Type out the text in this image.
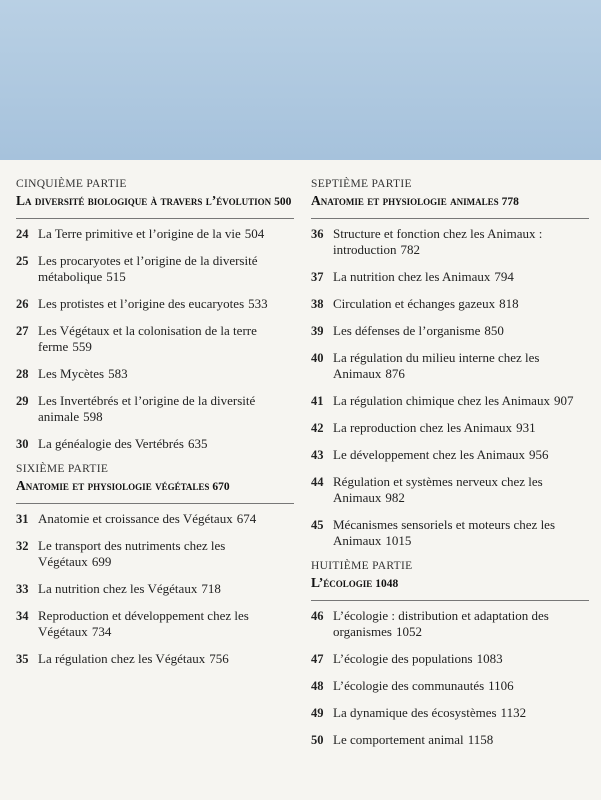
CINQUIÈME PARTIE
La diversité biologique à travers l’évolution 500
24 La Terre primitive et l’origine de la vie 504
25 Les procaryotes et l’origine de la diversité métabolique 515
26 Les protistes et l’origine des eucaryotes 533
27 Les Végétaux et la colonisation de la terre ferme 559
28 Les Mycètes 583
29 Les Invertébrés et l’origine de la diversité animale 598
30 La généalogie des Vertébrés 635
SIXIÈME PARTIE
Anatomie et physiologie végétales 670
31 Anatomie et croissance des Végétaux 674
32 Le transport des nutriments chez les Végétaux 699
33 La nutrition chez les Végétaux 718
34 Reproduction et développement chez les Végétaux 734
35 La régulation chez les Végétaux 756
SEPTIÈME PARTIE
Anatomie et physiologie animales 778
36 Structure et fonction chez les Animaux : introduction 782
37 La nutrition chez les Animaux 794
38 Circulation et échanges gazeux 818
39 Les défenses de l’organisme 850
40 La régulation du milieu interne chez les Animaux 876
41 La régulation chimique chez les Animaux 907
42 La reproduction chez les Animaux 931
43 Le développement chez les Animaux 956
44 Régulation et systèmes nerveux chez les Animaux 982
45 Mécanismes sensoriels et moteurs chez les Animaux 1015
HUITIÈME PARTIE
L’écologie 1048
46 L’écologie : distribution et adaptation des organismes 1052
47 L’écologie des populations 1083
48 L’écologie des communautés 1106
49 La dynamique des écosystèmes 1132
50 Le comportement animal 1158
